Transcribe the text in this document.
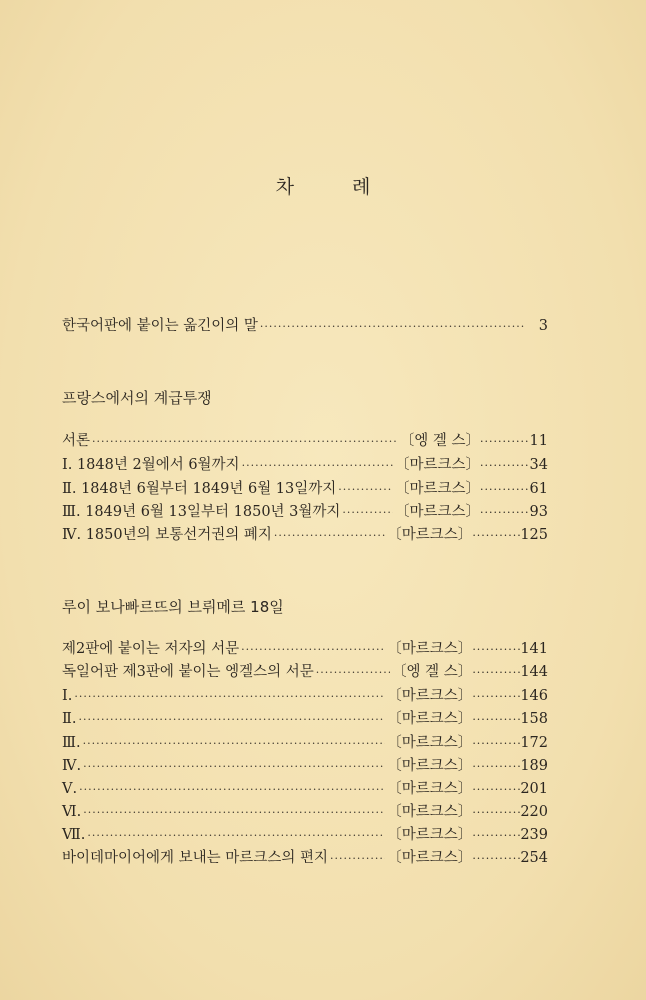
차 례
한국어판에 붙이는 옮긴이의 말 ·····	3
프랑스에서의 계급투쟁
서론 ·····	〔엥 겔 스〕 ·····	11
Ⅰ. 1848년 2월에서 6월까지 ·····	〔마르크스〕 ·····	34
Ⅱ. 1848년 6월부터 1849년 6월 13일까지 ·····	〔마르크스〕 ·····	61
Ⅲ. 1849년 6월 13일부터 1850년 3월까지 ·····	〔마르크스〕 ·····	93
Ⅳ. 1850년의 보통선거권의 폐지 ·····	〔마르크스〕 ·····	125
루이 보나빠르뜨의 브뤼메르 18일
제2판에 붙이는 저자의 서문 ·····	〔마르크스〕 ·····	141
독일어판 제3판에 붙이는 엥겔스의 서문 ·····	〔엥 겔 스〕 ·····	144
Ⅰ. ·····	〔마르크스〕 ·····	146
Ⅱ. ·····	〔마르크스〕 ·····	158
Ⅲ. ·····	〔마르크스〕 ·····	172
Ⅳ. ·····	〔마르크스〕 ·····	189
Ⅴ. ·····	〔마르크스〕 ·····	201
Ⅵ. ·····	〔마르크스〕 ·····	220
Ⅶ. ·····	〔마르크스〕 ·····	239
바이데마이어에게 보내는 마르크스의 편지 ·····	〔마르크스〕 ·····	254
